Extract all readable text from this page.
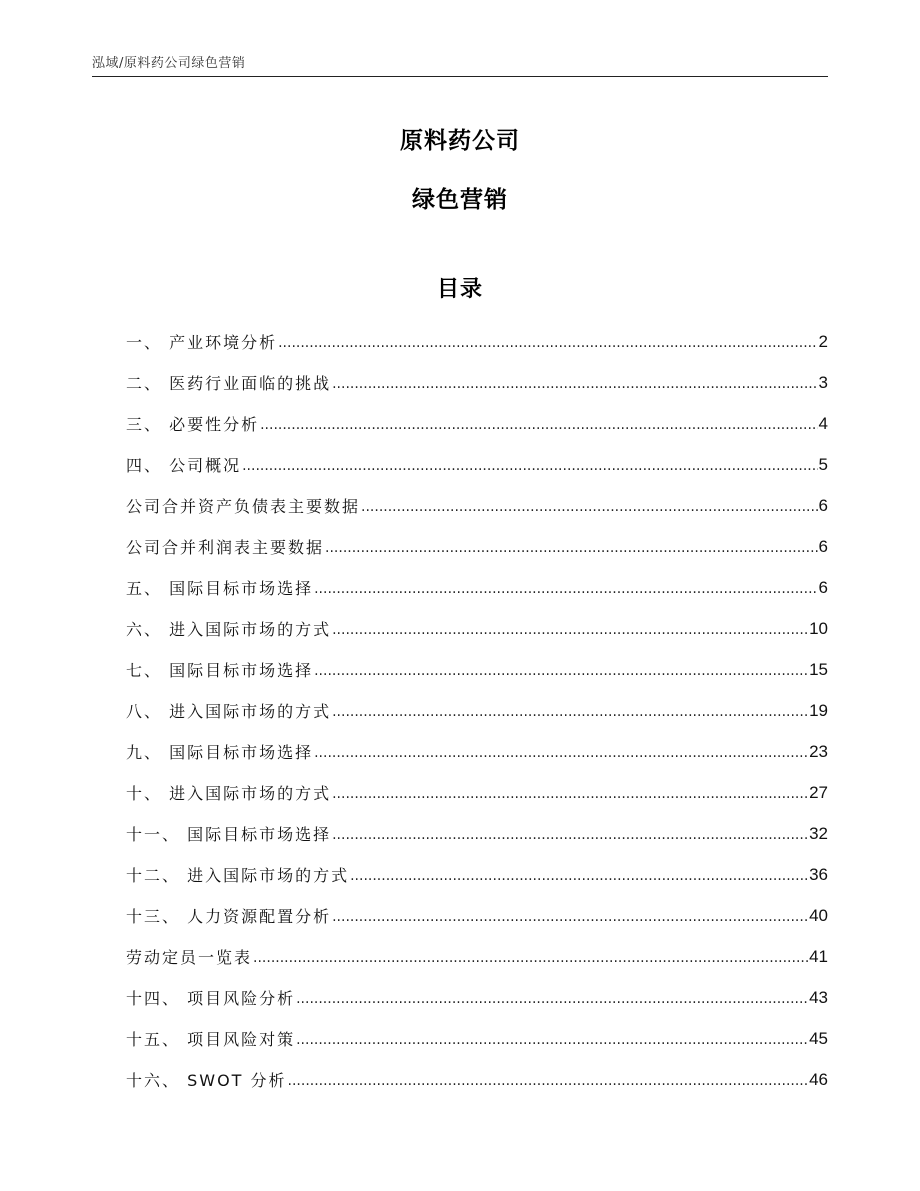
泓域/原料药公司绿色营销
原料药公司
绿色营销
目录
一、 产业环境分析 .....	2
二、 医药行业面临的挑战 .....	3
三、 必要性分析 .....	4
四、 公司概况 .....	5
公司合并资产负债表主要数据 .....	6
公司合并利润表主要数据 .....	6
五、 国际目标市场选择 .....	6
六、 进入国际市场的方式 .....	10
七、 国际目标市场选择 .....	15
八、 进入国际市场的方式 .....	19
九、 国际目标市场选择 .....	23
十、 进入国际市场的方式 .....	27
十一、 国际目标市场选择 .....	32
十二、 进入国际市场的方式 .....	36
十三、 人力资源配置分析 .....	40
劳动定员一览表 .....	41
十四、 项目风险分析 .....	43
十五、 项目风险对策 .....	45
十六、 SWOT 分析 .....	46
